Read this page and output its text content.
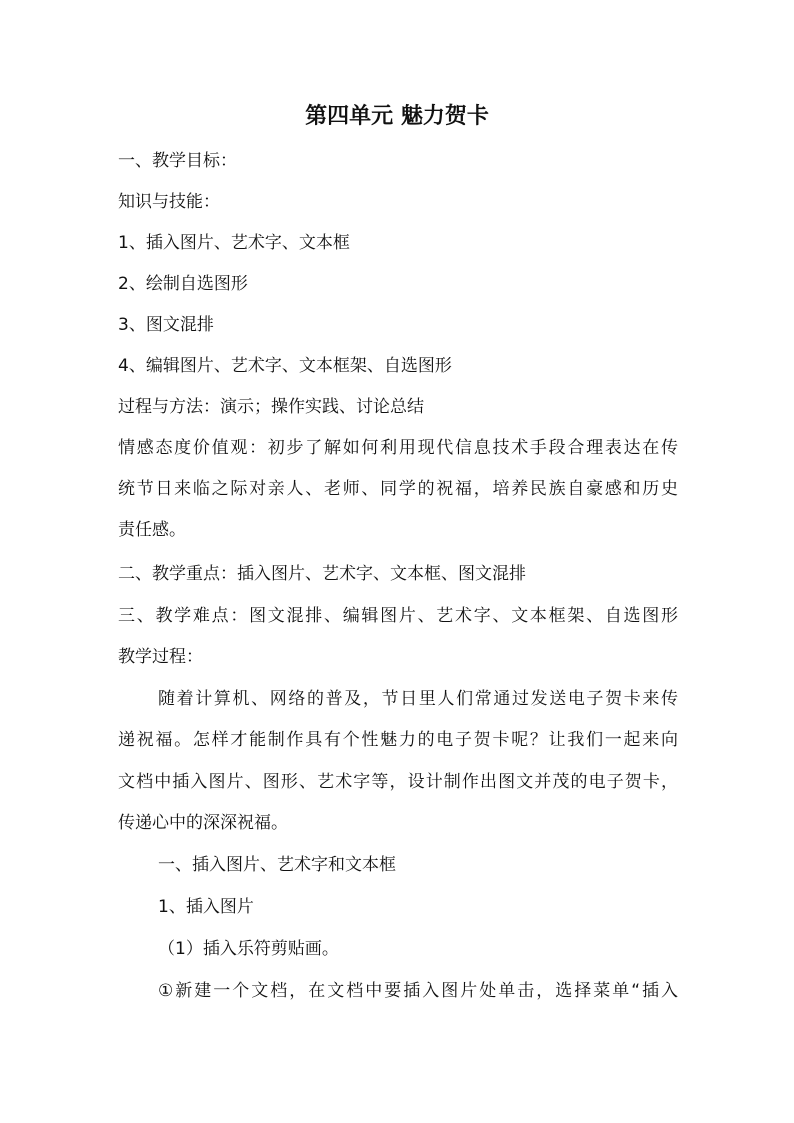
第四单元 魅力贺卡
一、教学目标：
知识与技能：
1、插入图片、艺术字、文本框
2、绘制自选图形
3、图文混排
4、编辑图片、艺术字、文本框架、自选图形
过程与方法：演示；操作实践、讨论总结
情感态度价值观：初步了解如何利用现代信息技术手段合理表达在传
统节日来临之际对亲人、老师、同学的祝福，培养民族自豪感和历史
责任感。
二、教学重点：插入图片、艺术字、文本框、图文混排
三、教学难点：图文混排、编辑图片、艺术字、文本框架、自选图形
教学过程：
随着计算机、网络的普及，节日里人们常通过发送电子贺卡来传
递祝福。怎样才能制作具有个性魅力的电子贺卡呢？让我们一起来向
文档中插入图片、图形、艺术字等，设计制作出图文并茂的电子贺卡，
传递心中的深深祝福。
一、插入图片、艺术字和文本框
1、插入图片
（1）插入乐符剪贴画。
①新建一个文档，在文档中要插入图片处单击，选择菜单“插入
